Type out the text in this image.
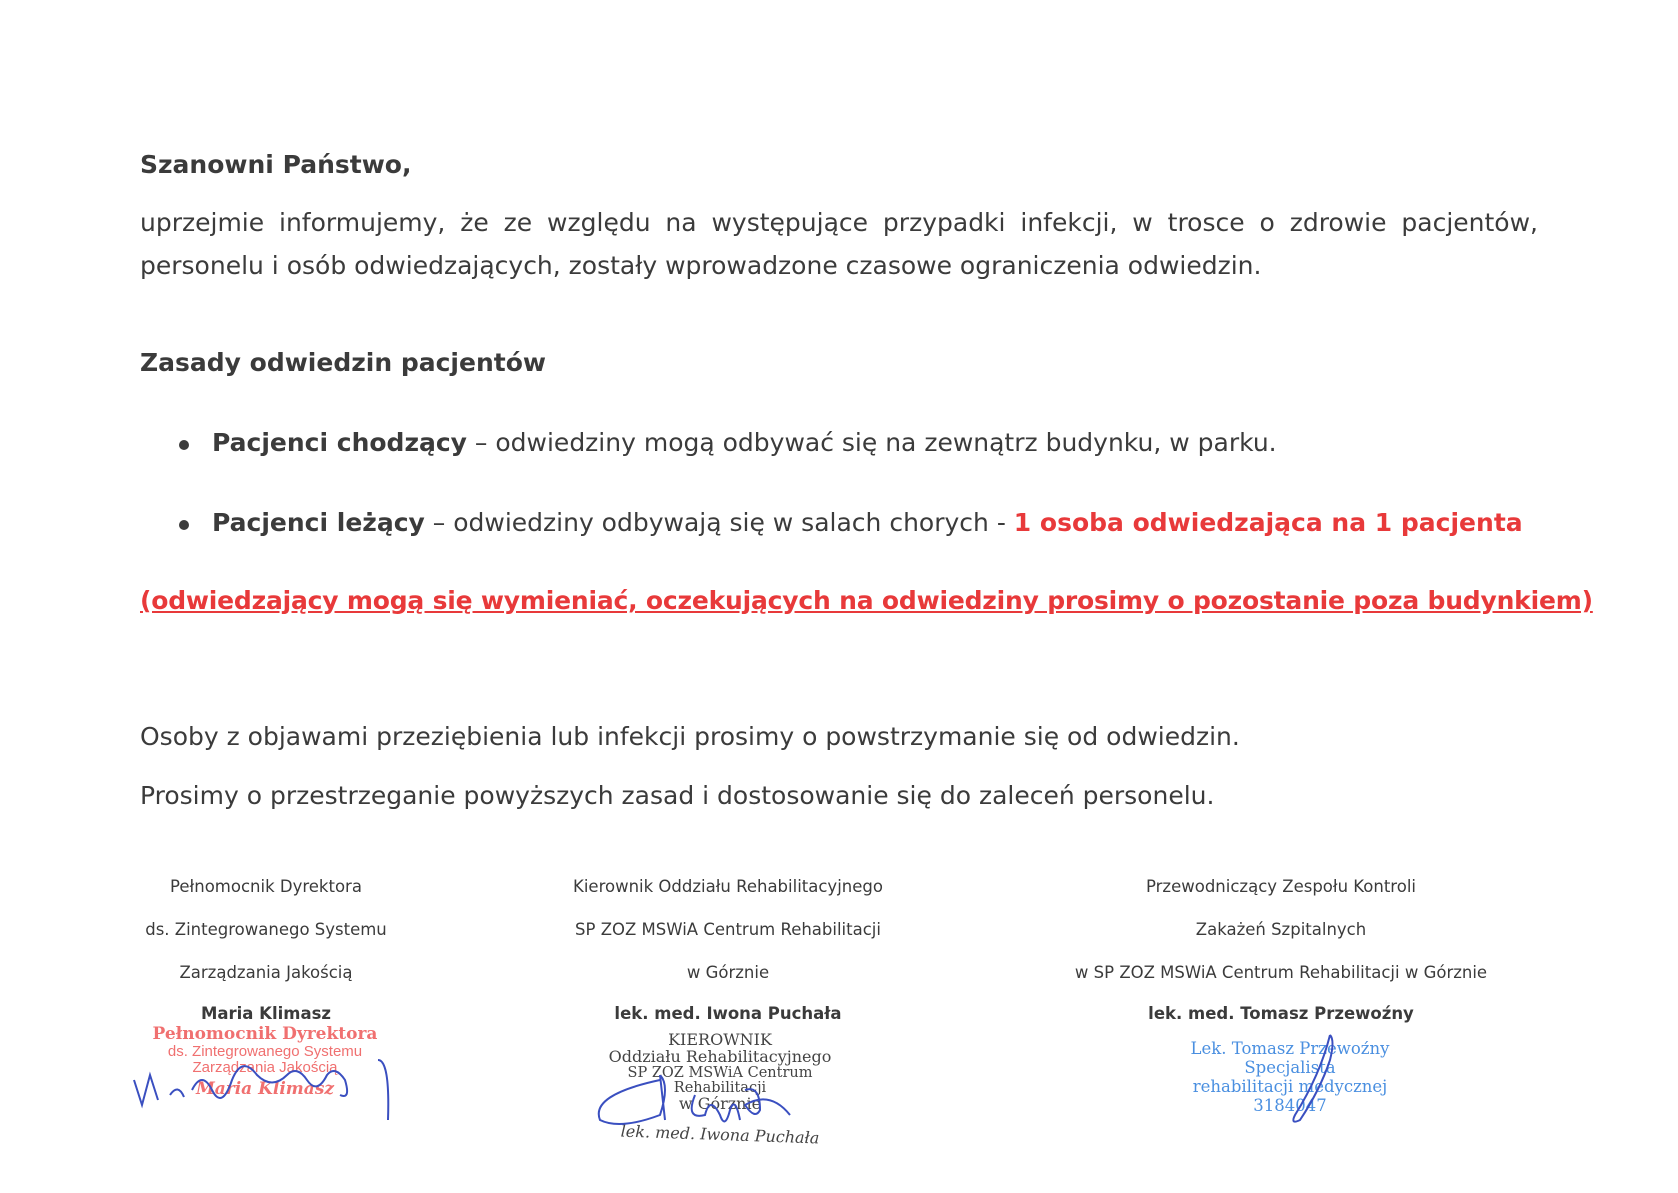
Szanowni Państwo,
uprzejmie informujemy, że ze względu na występujące przypadki infekcji, w trosce o zdrowie pacjentów,
personelu i osób odwiedzających, zostały wprowadzone czasowe ograniczenia odwiedzin.
Zasady odwiedzin pacjentów
Pacjenci chodzący – odwiedziny mogą odbywać się na zewnątrz budynku, w parku.
Pacjenci leżący – odwiedziny odbywają się w salach chorych - 1 osoba odwiedzająca na 1 pacjenta
(odwiedzający mogą się wymieniać, oczekujących na odwiedziny prosimy o pozostanie poza budynkiem)
Osoby z objawami przeziębienia lub infekcji prosimy o powstrzymanie się od odwiedzin.
Prosimy o przestrzeganie powyższych zasad i dostosowanie się do zaleceń personelu.
Pełnomocnik Dyrektora
ds. Zintegrowanego Systemu
Zarządzania Jakością
Maria Klimasz
Pełnomocnik Dyrektora
ds. Zintegrowanego Systemu
Zarządzania Jakością
Maria Klimasz
Kierownik Oddziału Rehabilitacyjnego
SP ZOZ MSWiA Centrum Rehabilitacji
w Górznie
lek. med. Iwona Puchała
KIEROWNIK
Oddziału Rehabilitacyjnego
SP ZOZ MSWiA Centrum Rehabilitacji
w Górznie
lek. med. Iwona Puchała
Przewodniczący Zespołu Kontroli
Zakażeń Szpitalnych
w SP ZOZ MSWiA Centrum Rehabilitacji w Górznie
lek. med. Tomasz Przewoźny
Lek. Tomasz Przewoźny
Specjalista
rehabilitacji medycznej
3184047
